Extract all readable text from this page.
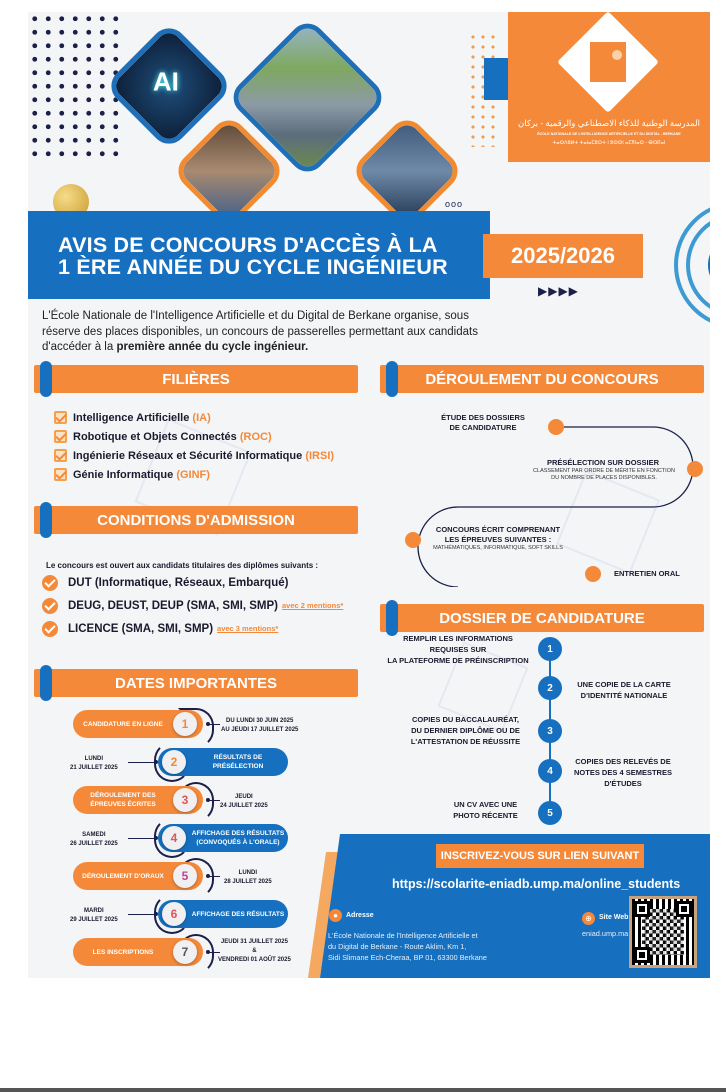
AI
ooo
المدرسة الوطنية للذكاء الاصطناعي والرقمية - بركان
ÉCOLE NATIONALE DE L'INTELLIGENCE ARTIFICIELLE ET DU DIGITAL - BERKANE
ⵜⴰⵙⴷⵓⵍⵜ ⵜⴰⵏⴰⵎⵓⵔⵜ ⵏ ⵓⵙⵙⵏ ⴰⵎⴳⵏⴰⵙ - ⴱⵔⴽⴰⵏ
AVIS DE CONCOURS D'ACCÈS À LA
1 ÈRE ANNÉE DU CYCLE INGÉNIEUR	2025/2026
▶▶▶▶

L'École Nationale de l'Intelligence Artificielle et du Digital de Berkane organise, sous réserve des places disponibles, un concours de passerelles permettant aux candidats d'accéder à la première année du cycle ingénieur.

FILIÈRES
Intelligence Artificielle
(IA)
Robotique et Objets Connectés
(ROC)
Ingénierie Réseaux et Sécurité Informatique
(IRSI)
Génie Informatique
(GINF)
CONDITIONS D'ADMISSION
Le concours est ouvert aux candidats titulaires des diplômes suivants :
DUT (Informatique, Réseaux, Embarqué)
DEUG, DEUST, DEUP (SMA, SMI, SMP) avec 2 mentions*
LICENCE (SMA, SMI, SMP) avec 3 mentions*
DATES IMPORTANTES
CANDIDATURE EN LIGNE	1	DU LUNDI 30 JUIN 2025
AU JEUDI 17 JUILLET 2025
RÉSULTATS DE
PRÉSÉLECTION
2
LUNDI
21 JUILLET 2025
DÉROULEMENT DES
ÉPREUVES ÉCRITES	3	JEUDI
24 JUILLET 2025
AFFICHAGE DES RÉSULTATS
(CONVOQUÉS À L'ORALE)
4
SAMEDI
26 JUILLET 2025
DÉROULEMENT D'ORAUX	5	LUNDI
28 JUILLET 2025
AFFICHAGE DES RÉSULTATS
6
MARDI
29 JUILLET 2025
LES INSCRIPTIONS	7
JEUDI 31 JUILLET 2025
&
VENDREDI 01 AOÛT 2025
DÉROULEMENT DU CONCOURS
ÉTUDE DES DOSSIERS
DE CANDIDATURE
PRÉSÉLECTION SUR DOSSIER
CLASSEMENT PAR ORDRE DE MÉRITE EN FONCTION
DU NOMBRE DE PLACES DISPONIBLES.
CONCOURS ÉCRIT COMPRENANT
LES ÉPREUVES SUIVANTES :
MATHÉMATIQUES, INFORMATIQUE, SOFT SKILLS
ENTRETIEN ORAL
DOSSIER DE CANDIDATURE
1
REMPLIR LES INFORMATIONS
REQUISES SUR
LA PLATEFORME DE PRÉINSCRIPTION
2	UNE COPIE DE LA CARTE
D'IDENTITÉ NATIONALE
3
COPIES DU BACCALAURÉAT,
DU DERNIER DIPLÔME OU DE
L'ATTESTATION DE RÉUSSITE
4
COPIES DES RELEVÉS DE
NOTES DES 4 SEMESTRES
D'ÉTUDES
5
UN CV AVEC UNE
PHOTO RÉCENTE
INSCRIVEZ-VOUS SUR LIEN SUIVANT
https://scolarite-eniadb.ump.ma/online_students
●	Adresse
L'École Nationale de l'Intelligence Artificielle et
du Digital de Berkane - Route Aklim, Km 1,
Sidi Slimane Ech-Cheraa, BP 01, 63300 Berkane
⊕	Site Web
eniad.ump.ma
